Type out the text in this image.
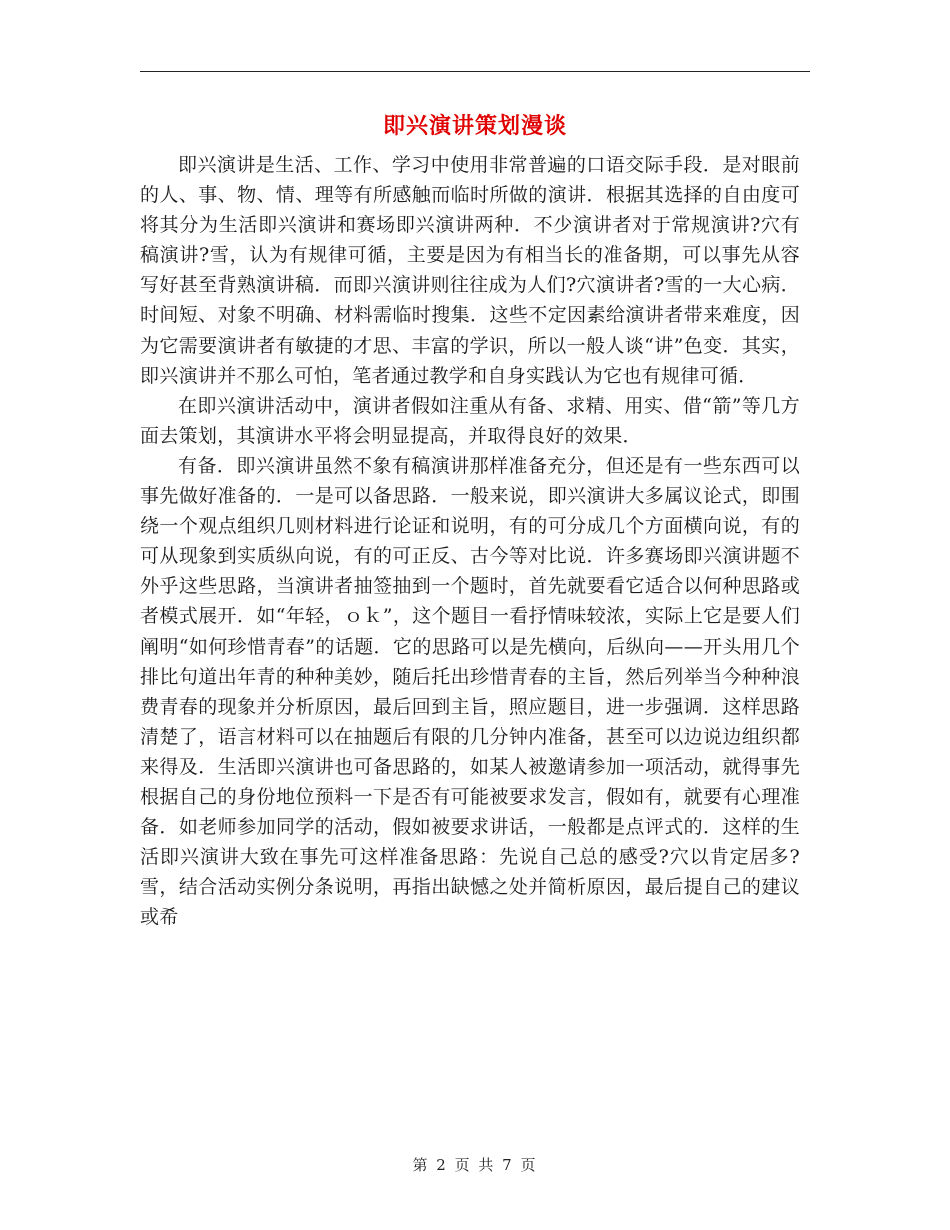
即兴演讲策划漫谈

即兴演讲是生活、工作、学习中使用非常普遍的口语交际手段．是对眼前的人、事、物、情、理等有所感触而临时所做的演讲．根据其选择的自由度可将其分为生活即兴演讲和赛场即兴演讲两种．不少演讲者对于常规演讲?穴有稿演讲?雪，认为有规律可循，主要是因为有相当长的准备期，可以事先从容写好甚至背熟演讲稿．而即兴演讲则往往成为人们?穴演讲者?雪的一大心病．时间短、对象不明确、材料需临时搜集．这些不定因素给演讲者带来难度，因为它需要演讲者有敏捷的才思、丰富的学识，所以一般人谈“讲”色变．其实，即兴演讲并不那么可怕，笔者通过教学和自身实践认为它也有规律可循．

在即兴演讲活动中，演讲者假如注重从有备、求精、用实、借“箭”等几方面去策划，其演讲水平将会明显提高，并取得良好的效果．

有备．即兴演讲虽然不象有稿演讲那样准备充分，但还是有一些东西可以事先做好准备的．一是可以备思路．一般来说，即兴演讲大多属议论式，即围绕一个观点组织几则材料进行论证和说明，有的可分成几个方面横向说，有的可从现象到实质纵向说，有的可正反、古今等对比说．许多赛场即兴演讲题不外乎这些思路，当演讲者抽签抽到一个题时，首先就要看它适合以何种思路或者模式展开．如“年轻，ｏｋ”，这个题目一看抒情味较浓，实际上它是要人们阐明“如何珍惜青春”的话题．它的思路可以是先横向，后纵向——开头用几个排比句道出年青的种种美妙，随后托出珍惜青春的主旨，然后列举当今种种浪费青春的现象并分析原因，最后回到主旨，照应题目，进一步强调．这样思路清楚了，语言材料可以在抽题后有限的几分钟内准备，甚至可以边说边组织都来得及．生活即兴演讲也可备思路的，如某人被邀请参加一项活动，就得事先根据自己的身份地位预料一下是否有可能被要求发言，假如有，就要有心理准备．如老师参加同学的活动，假如被要求讲话，一般都是点评式的．这样的生活即兴演讲大致在事先可这样准备思路：先说自己总的感受?穴以肯定居多?雪，结合活动实例分条说明，再指出缺憾之处并简析原因，最后提自己的建议或希

第 2 页 共 7 页
